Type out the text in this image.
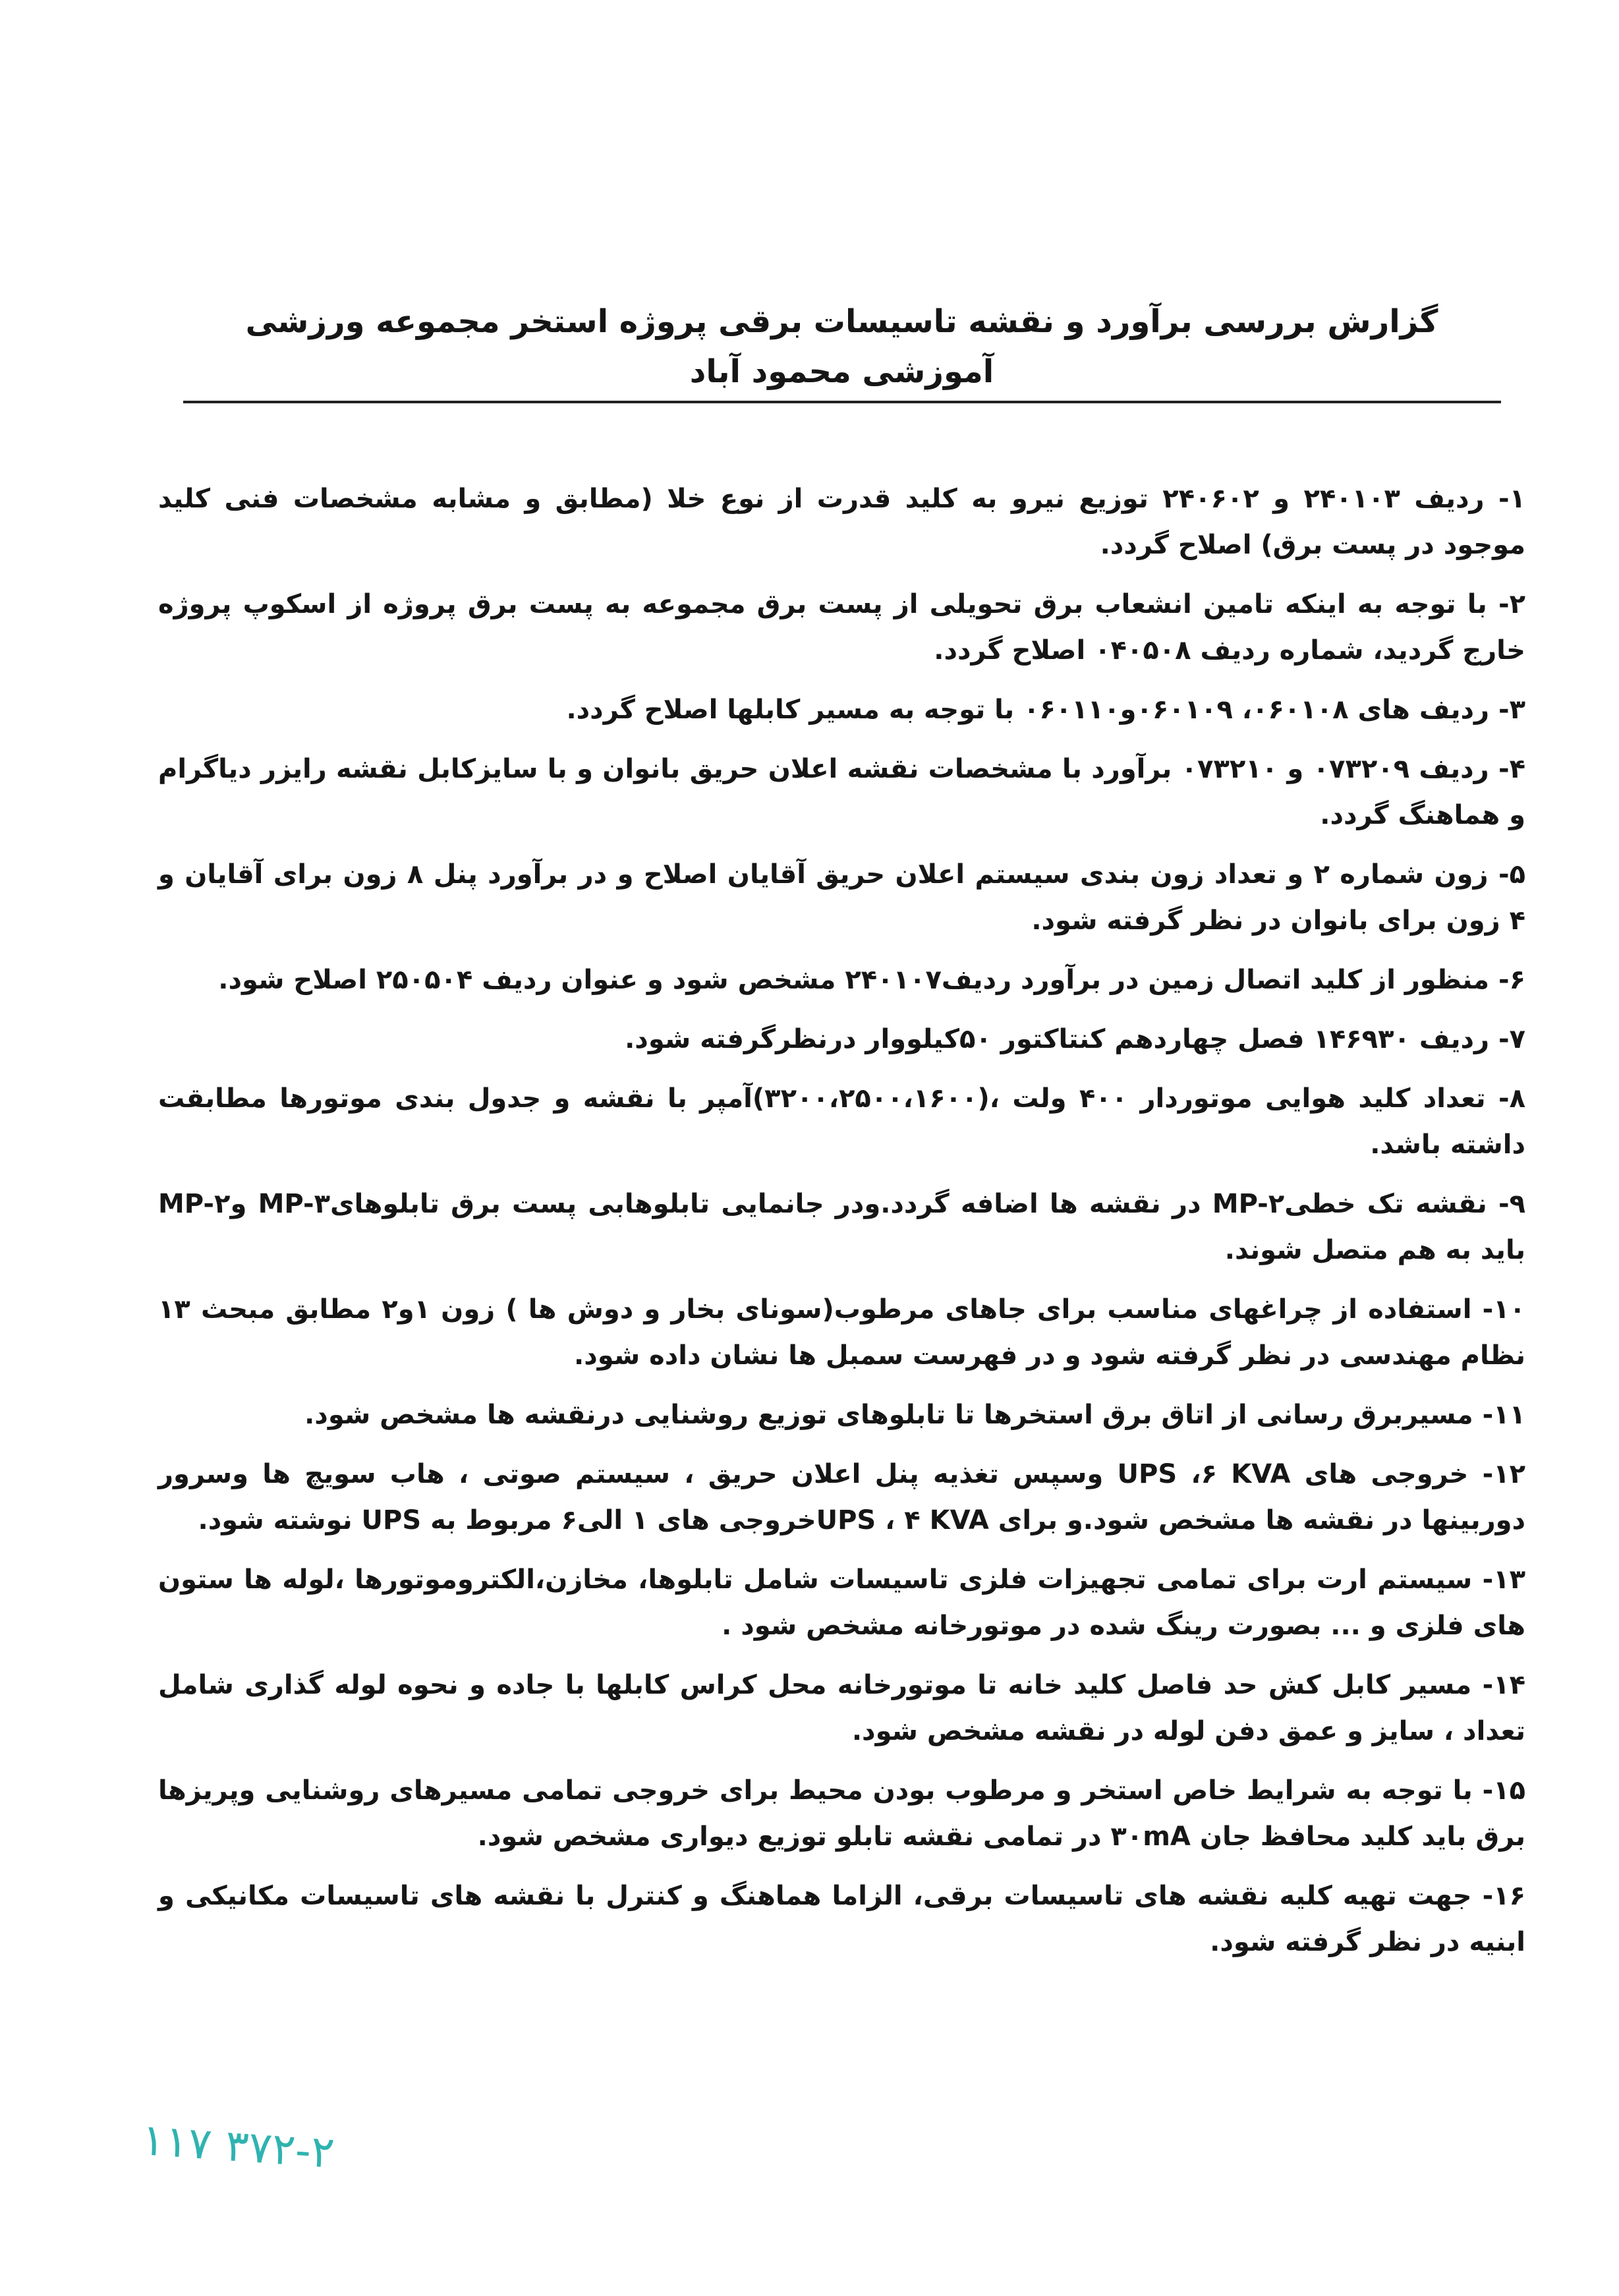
گزارش بررسی برآورد و نقشه تاسیسات برقی پروژه استخر مجموعه ورزشی آموزشی محمود آباد
۱- ردیف ۲۴۰۱۰۳ و ۲۴۰۶۰۲ توزیع نیرو به کلید قدرت از نوع خلا (مطابق و مشابه مشخصات فنی کلید موجود در پست برق) اصلاح گردد.
۲- با توجه به اینکه تامین انشعاب برق تحویلی از پست برق مجموعه به پست برق پروژه از اسکوپ پروژه خارج گردید، شماره ردیف ۰۴۰۵۰۸ اصلاح گردد.
۳- ردیف های ۰۶۰۱۰۸، ۰۶۰۱۰۹و۰۶۰۱۱۰ با توجه به مسیر کابلها اصلاح گردد.
۴- ردیف ۰۷۳۲۰۹ و ۰۷۳۲۱۰ برآورد با مشخصات نقشه اعلان حریق بانوان و با سایزکابل نقشه رایزر دیاگرام و هماهنگ گردد.
۵- زون شماره ۲ و تعداد زون بندی سیستم اعلان حریق آقایان اصلاح و در برآورد پنل ۸ زون برای آقایان و ۴ زون برای بانوان در نظر گرفته شود.
۶- منظور از کلید اتصال زمین در برآورد ردیف۲۴۰۱۰۷ مشخص شود و عنوان ردیف ۲۵۰۵۰۴ اصلاح شود.
۷- ردیف ۱۴۶۹۳۰ فصل چهاردهم کنتاکتور ۵۰کیلووار درنظرگرفته شود.
۸- تعداد کلید هوایی موتوردار ۴۰۰ ولت ،(۳۲۰۰،۲۵۰۰،۱۶۰۰)آمپر با نقشه و جدول بندی موتورها مطابقت داشته باشد.
۹- نقشه تک خطیMP-۲ در نقشه ها اضافه گردد.ودر جانمایی تابلوهابی پست برق تابلوهایMP-۳ وMP-۲ باید به هم متصل شوند.
۱۰- استفاده از چراغهای مناسب برای جاهای مرطوب(سونای بخار و دوش ها ) زون ۱و۲ مطابق مبحث ۱۳ نظام مهندسی در نظر گرفته شود و در فهرست سمبل ها نشان داده شود.
۱۱- مسیربرق رسانی از اتاق برق استخرها تا تابلوهای توزیع روشنایی درنقشه ها مشخص شود.
۱۲- خروجی های UPS ،۶ KVA وسپس تغذیه پنل اعلان حریق ، سیستم صوتی ، هاب سویچ ها وسرور دوربینها در نقشه ها مشخص شود.و برای UPS ، ۴ KVAخروجی های ۱ الی۶ مربوط به UPS نوشته شود.
۱۳- سیستم ارت برای تمامی تجهیزات فلزی تاسیسات شامل تابلوها، مخازن،الکتروموتورها ،لوله ها ستون های فلزی و ... بصورت رینگ شده در موتورخانه مشخص شود .
۱۴- مسیر کابل کش حد فاصل کلید خانه تا موتورخانه محل کراس کابلها با جاده و نحوه لوله گذاری شامل تعداد ، سایز و عمق دفن لوله در نقشه مشخص شود.
۱۵- با توجه به شرایط خاص استخر و مرطوب بودن محیط برای خروجی تمامی مسیرهای روشنایی وپریزها برق باید کلید محافظ جان ۳۰mA در تمامی نقشه تابلو توزیع دیواری مشخص شود.
۱۶- جهت تهیه کلیه نقشه های تاسیسات برقی، الزاما هماهنگ و کنترل با نقشه های تاسیسات مکانیکی و ابنیه در نظر گرفته شود.
۱۱۷ ۳۷۲-۲
